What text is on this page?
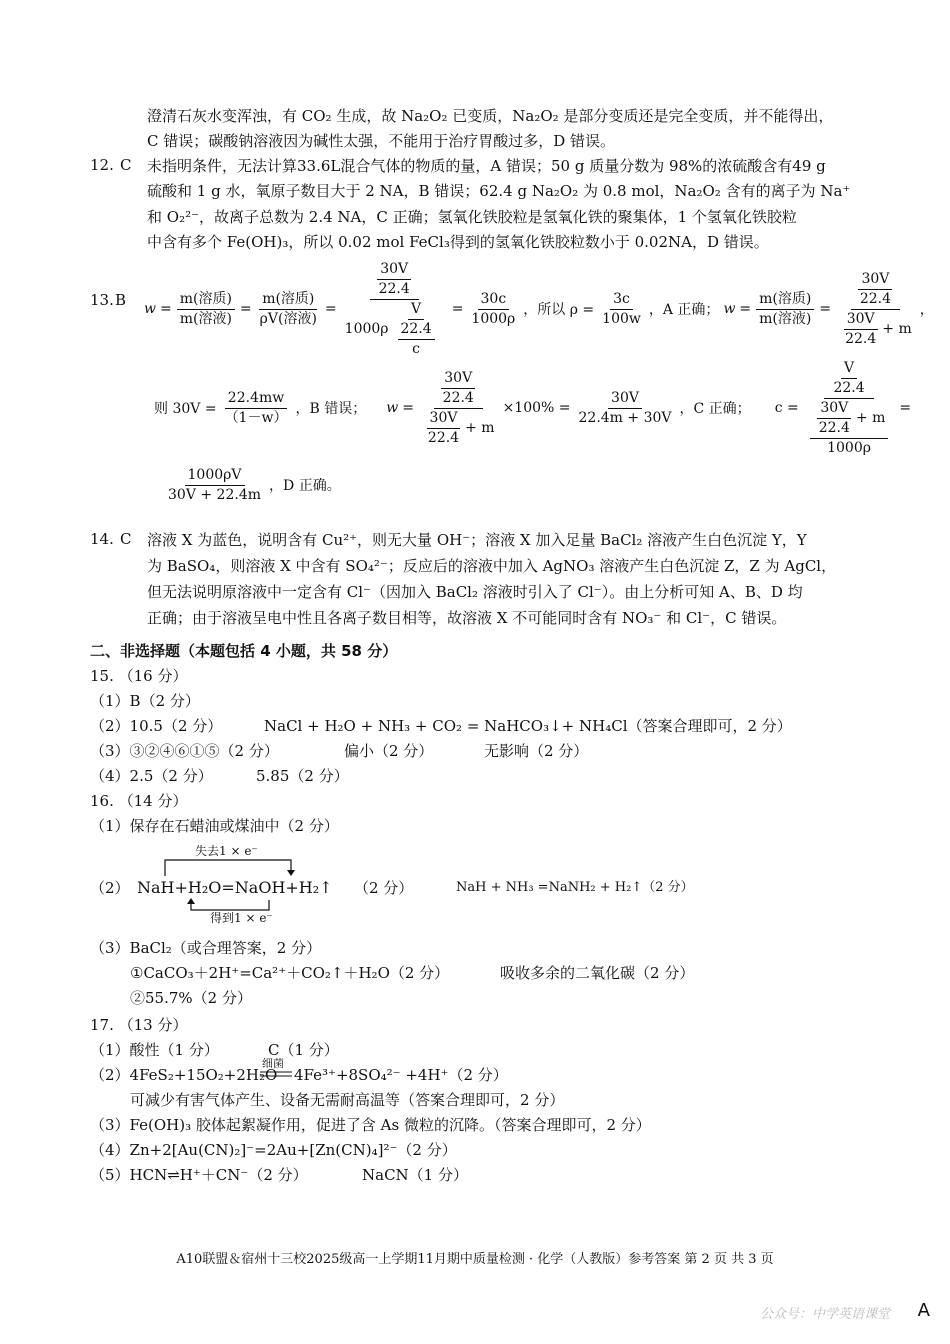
澄清石灰水变浑浊，有 CO₂ 生成，故 Na₂O₂ 已变质，Na₂O₂ 是部分变质还是完全变质，并不能得出，
C 错误；碳酸钠溶液因为碱性太强，不能用于治疗胃酸过多，D 错误。
12. C 未指明条件，无法计算33.6L混合气体的物质的量，A 错误；50 g 质量分数为 98%的浓硫酸含有49 g
硫酸和 1 g 水，氧原子数目大于 2 NA，B 错误；62.4 g Na₂O₂ 为 0.8 mol，Na₂O₂ 含有的离子为 Na⁺
和 O₂²⁻，故离子总数为 2.4 NA，C 正确；氢氧化铁胶粒是氢氧化铁的聚集体，1 个氢氧化铁胶粒
中含有多个 Fe(OH)₃，所以 0.02 mol FeCl₃得到的氢氧化铁胶粒数小于 0.02NA，D 错误。
13. B $w = \frac{\text{m(溶质)}}{\text{m(溶液)}} = \frac{\text{m(溶质)}}{\text{ρV(溶液)}} = \frac{\frac{30V}{22.4}}{1000\rho \frac{V}{\frac{22.4}{c}}} = \frac{30c}{1000\rho}$ ，所以 $\rho = \frac{3c}{100w}$ ，A 正确； $w = \frac{\text{m(溶质)}}{\text{m(溶液)}} = \frac{\frac{30V}{22.4}}{\frac{30V}{22.4} + m}$ ，
则 $30V = \frac{22.4mw}{(1-w)}$ ，B 错误； $w = \frac{\frac{30V}{22.4}}{\frac{30V}{22.4} + m} \times 100\% = \frac{30V}{22.4m + 30V}$ ，C 正确； $c = \frac{\frac{V}{22.4}}{\frac{\frac{30V}{22.4} + m}{1000\rho}}$ =
$\frac{1000\rho V}{30V + 22.4m}$ ，D 正确。
14. C 溶液 X 为蓝色，说明含有 Cu²⁺，则无大量 OH⁻；溶液 X 加入足量 BaCl₂ 溶液产生白色沉淀 Y，Y
为 BaSO₄，则溶液 X 中含有 SO₄²⁻；反应后的溶液中加入 AgNO₃ 溶液产生白色沉淀 Z，Z 为 AgCl，
但无法说明原溶液中一定含有 Cl⁻（因加入 BaCl₂ 溶液时引入了 Cl⁻）。由上分析可知 A、B、D 均
正确；由于溶液呈电中性且各离子数目相等，故溶液 X 不可能同时含有 NO₃⁻ 和 Cl⁻，C 错误。
二、非选择题（本题包括 4 小题，共 58 分）
15. （16 分）
（1）B（2 分）
（2）10.5（2 分）	NaCl + H₂O + NH₃ + CO₂ = NaHCO₃↓+ NH₄Cl（答案合理即可，2 分）
（3）③②④⑥①⑤（2 分）	偏小（2 分）	无影响（2 分）
（4）2.5（2 分）	5.85（2 分）
16. （14 分）
（1）保存在石蜡油或煤油中（2 分）
失去1 × e⁻
（2） NaH+H₂O=NaOH+H₂↑ （2 分）	NaH + NH₃ =NaNH₂ + H₂↑（2 分）
得到1 × e⁻
（3）BaCl₂（或合理答案，2 分）
①CaCO₃＋2H⁺=Ca²⁺＋CO₂↑＋H₂O（2 分）	吸收多余的二氧化碳（2 分）
②55.7%（2 分）
17. （13 分）
（1）酸性（1 分）	C（1 分）
（2）4FeS₂+15O₂+2H₂O
细菌
4Fe³⁺+8SO₄²⁻ +4H⁺（2 分）
可减少有害气体产生、设备无需耐高温等（答案合理即可，2 分）
（3）Fe(OH)₃ 胶体起絮凝作用，促进了含 As 微粒的沉降。（答案合理即可，2 分）
（4）Zn+2[Au(CN)₂]⁻=2Au+[Zn(CN)₄]²⁻（2 分）
（5）HCN⇌H⁺＋CN⁻（2 分）	NaCN（1 分）
A10联盟＆宿州十三校2025级高一上学期11月期中质量检测 · 化学（人教版）参考答案 第 2 页 共 3 页
公众号：中学英语课堂 A
